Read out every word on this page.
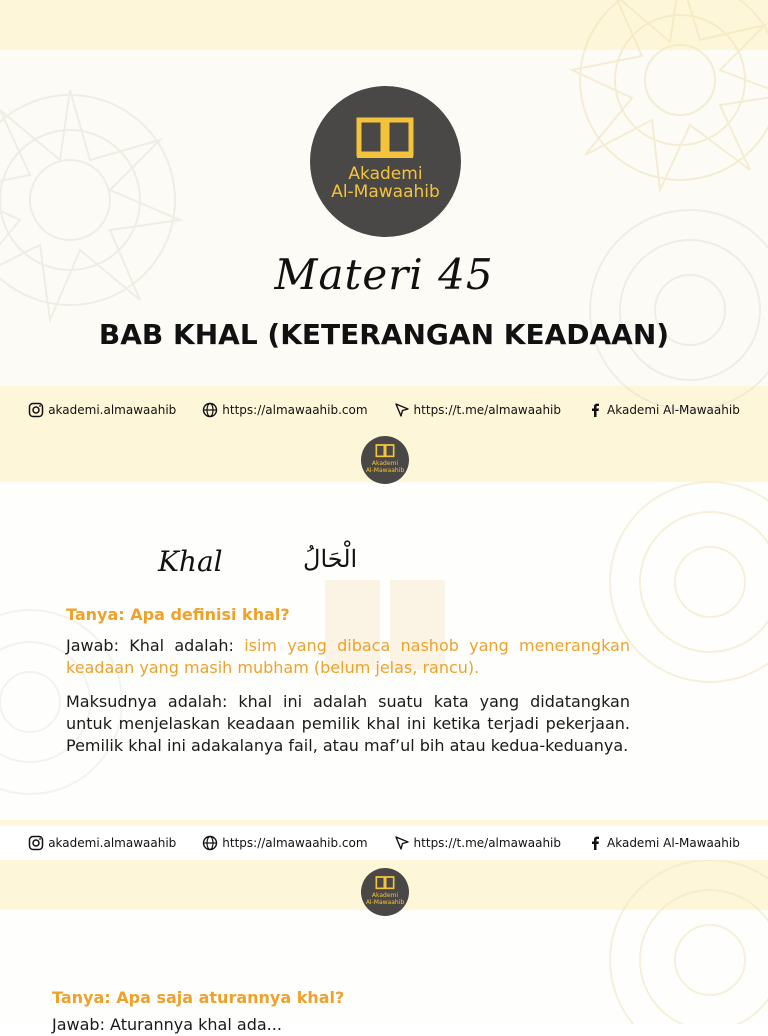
Akademi
Al-Mawaahib
Materi 45
BAB KHAL (KETERANGAN KEADAAN)
akademi.almawaahib	https://almawaahib.com	https://t.me/almawaahib	Akademi Al-Mawaahib
Akademi
Al-Mawaahib
Khal	الْحَالُ
Tanya: Apa definisi khal?
Jawab: Khal adalah: isim yang dibaca nashob yang menerangkan keadaan yang masih mubham (belum jelas, rancu).
Maksudnya adalah: khal ini adalah suatu kata yang didatangkan untuk menjelaskan keadaan pemilik khal ini ketika terjadi pekerjaan. Pemilik khal ini adakalanya fail, atau maf’ul bih atau kedua-keduanya.
akademi.almawaahib	https://almawaahib.com	https://t.me/almawaahib	Akademi Al-Mawaahib
Akademi
Al-Mawaahib
Tanya: Apa saja aturannya khal?
Jawab: Aturannya khal ada...
